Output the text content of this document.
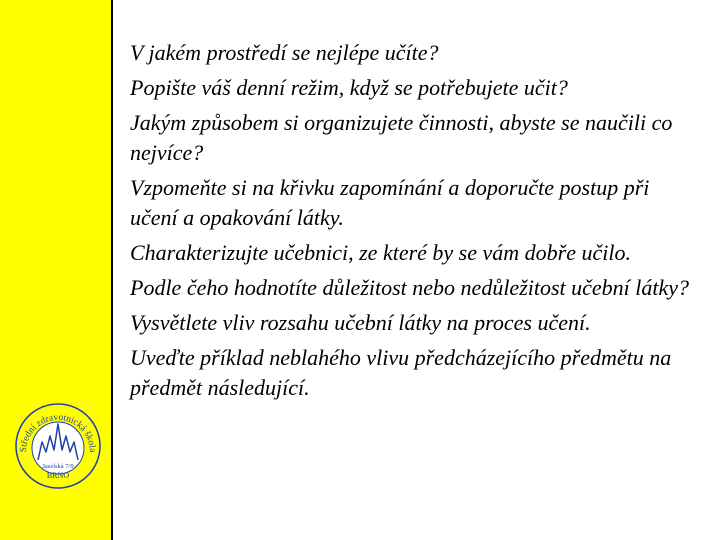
Střední zdravotnická škola
Jaselská 7/9
BRNO

V jakém prostředí se nejlépe učíte?

Popište váš denní režim, když se potřebujete učit?

Jakým způsobem si organizujete činnosti, abyste se naučili co nejvíce?

Vzpomeňte si na křivku zapomínání a doporučte postup při učení a opakování látky.

Charakterizujte učebnici, ze které by se vám dobře učilo.

Podle čeho hodnotíte důležitost nebo nedůležitost učební látky?

Vysvětlete vliv rozsahu učební látky na proces učení.

Uveďte příklad neblahého vlivu předcházejícího předmětu na předmět následující.
